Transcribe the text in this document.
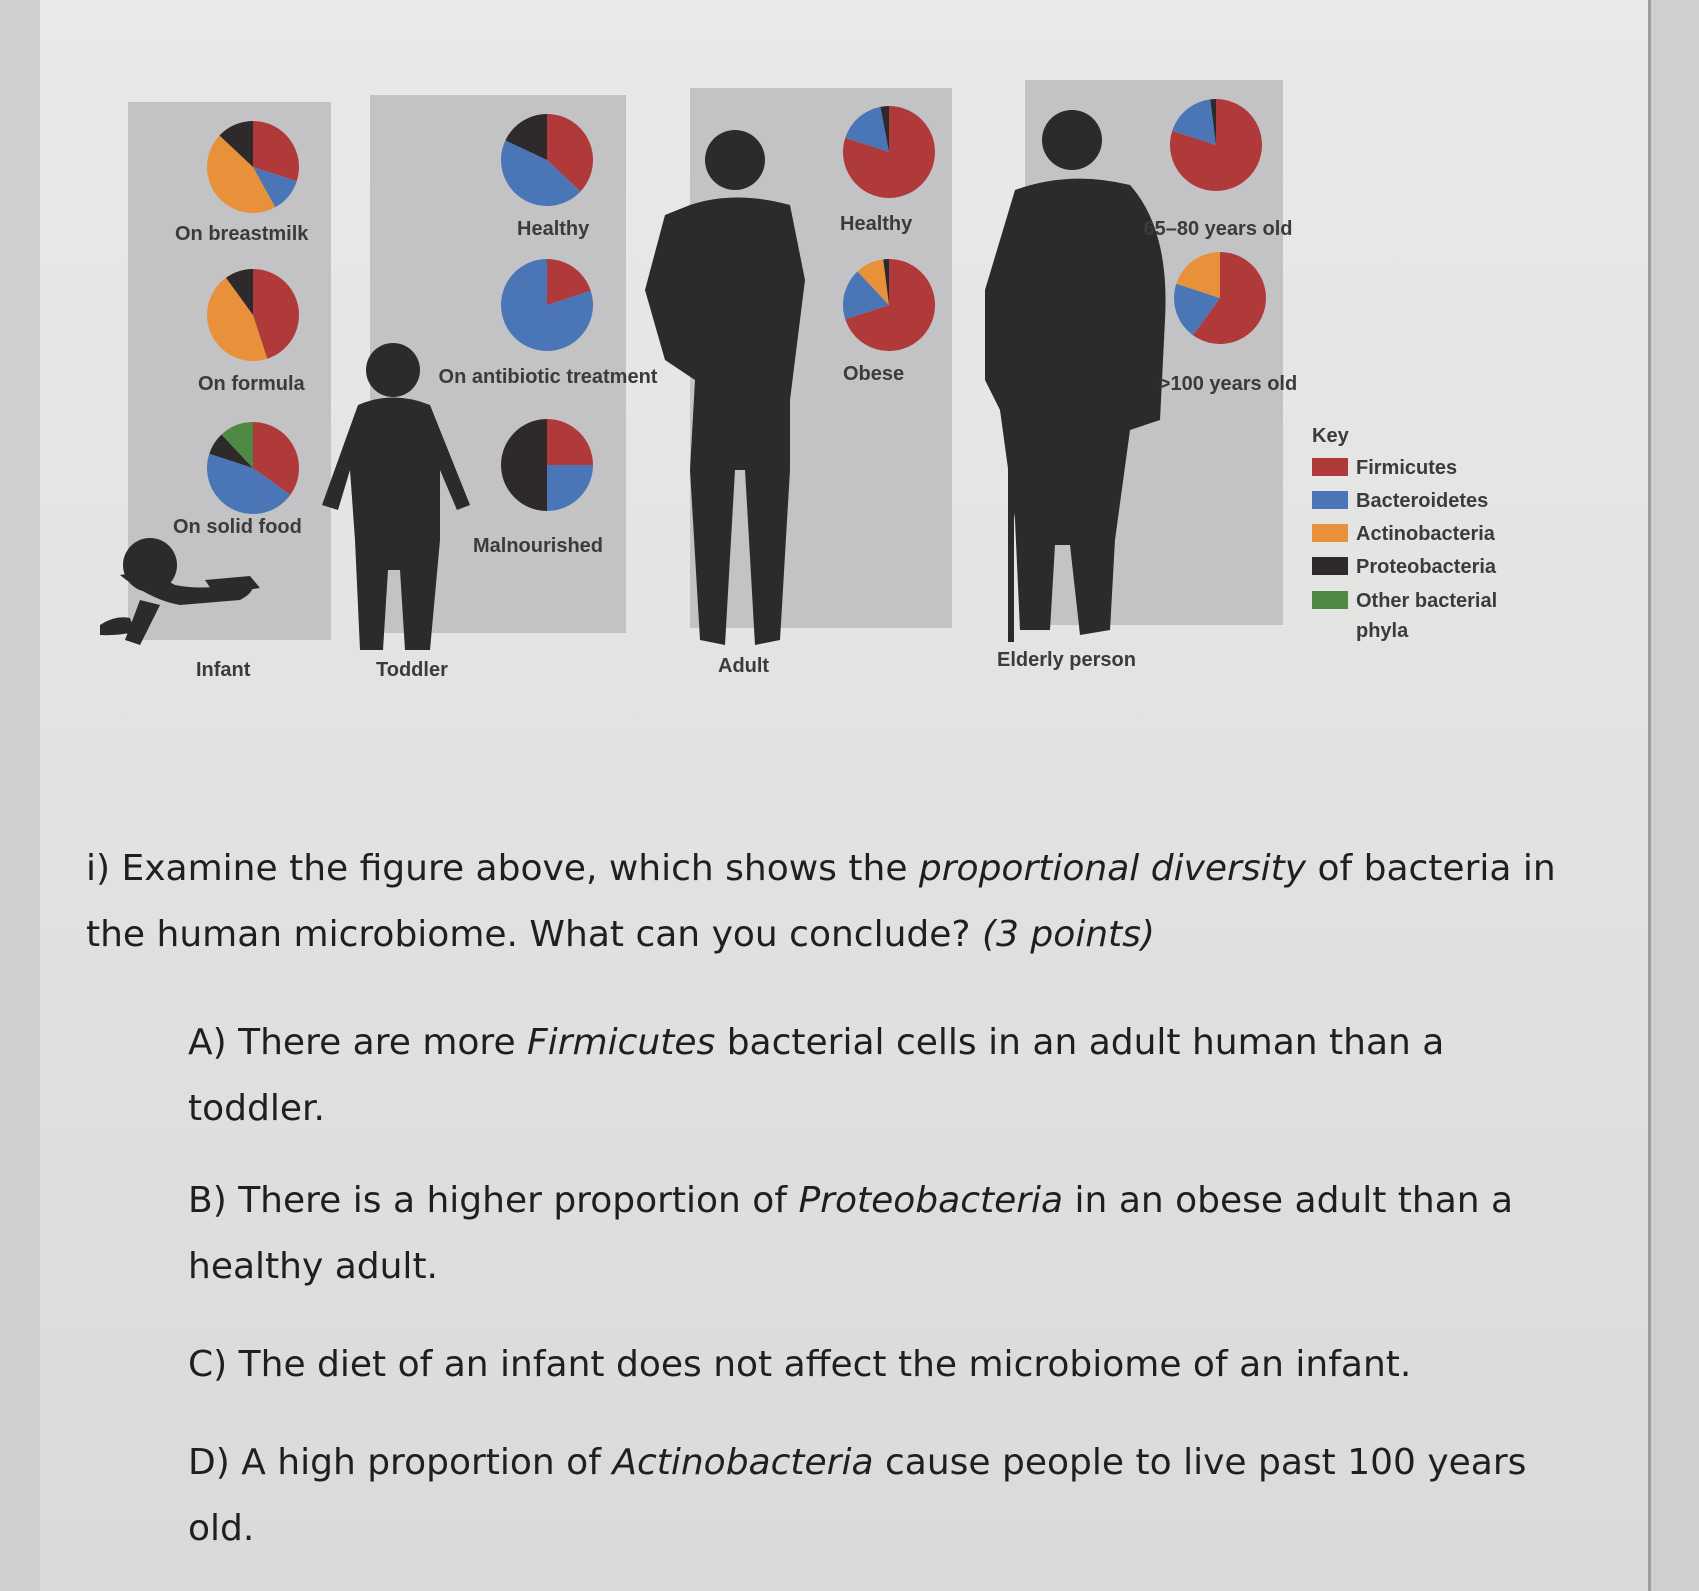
On breastmilk
On formula
On solid food
Healthy
On antibiotic treatment
Malnourished
Healthy
Obese
65–80 years old
>100 years old
Infant	Toddler	Adult	Elderly person
Key
Firmicutes
Bacteroidetes
Actinobacteria
Proteobacteria
Other bacterial phyla

i) Examine the figure above, which shows the proportional diversity of bacteria in the human microbiome. What can you conclude? (3 points)

A) There are more Firmicutes bacterial cells in an adult human than a toddler.

B) There is a higher proportion of Proteobacteria in an obese adult than a healthy adult.

C) The diet of an infant does not affect the microbiome of an infant.

D) A high proportion of Actinobacteria cause people to live past 100 years old.
